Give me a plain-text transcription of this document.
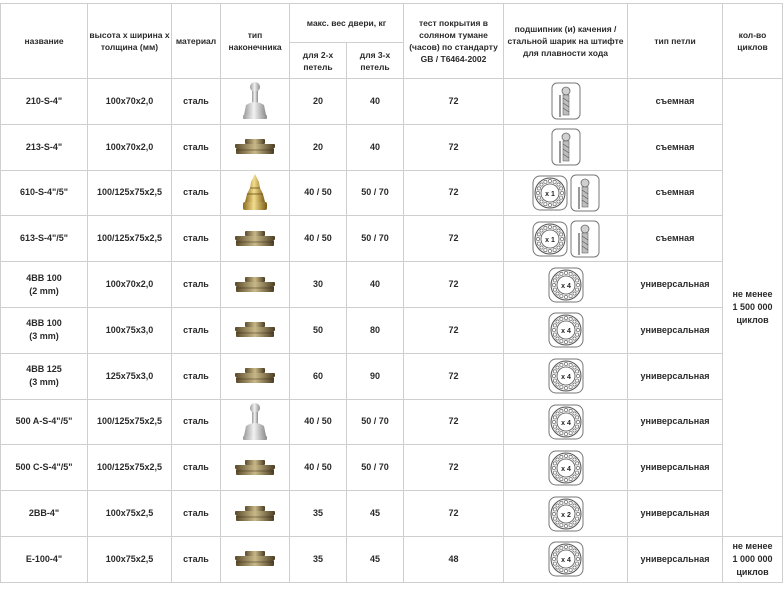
название	высота х ширина х толщина (мм)	материал	тип наконечника	макс. вес двери, кг		тест покрытия в соляном тумане (часов) по стандарту GB / T6464-2002	подшипник (и) качения / стальной шарик на штифте для плавности хода	тип петли	кол-во циклов
				для 2-х петель	для 3-х петель				
210-S-4"	100x70x2,0	сталь		20	40	72		съемная	не менее
1 500 000
циклов
213-S-4"	100x70x2,0	сталь		20	40	72		съемная	
610-S-4"/5"	100/125x75x2,5	сталь		40 / 50	50 / 70	72	x 1	съемная	
613-S-4"/5"	100/125x75x2,5	сталь		40 / 50	50 / 70	72	x 1	съемная	
4BB 100
(2 mm)	100x70x2,0	сталь		30	40	72	x 4	универсальная	
4BB 100
(3 mm)	100x75x3,0	сталь		50	80	72	x 4	универсальная	
4BB 125
(3 mm)	125x75x3,0	сталь		60	90	72	x 4	универсальная	
500 A-S-4"/5"	100/125x75x2,5	сталь		40 / 50	50 / 70	72	x 4	универсальная	
500 C-S-4"/5"	100/125x75x2,5	сталь		40 / 50	50 / 70	72	x 4	универсальная	
2BB-4"	100x75x2,5	сталь		35	45	72	x 2	универсальная	
E-100-4"	100x75x2,5	сталь		35	45	48	x 4	универсальная	не менее
1 000 000
циклов
